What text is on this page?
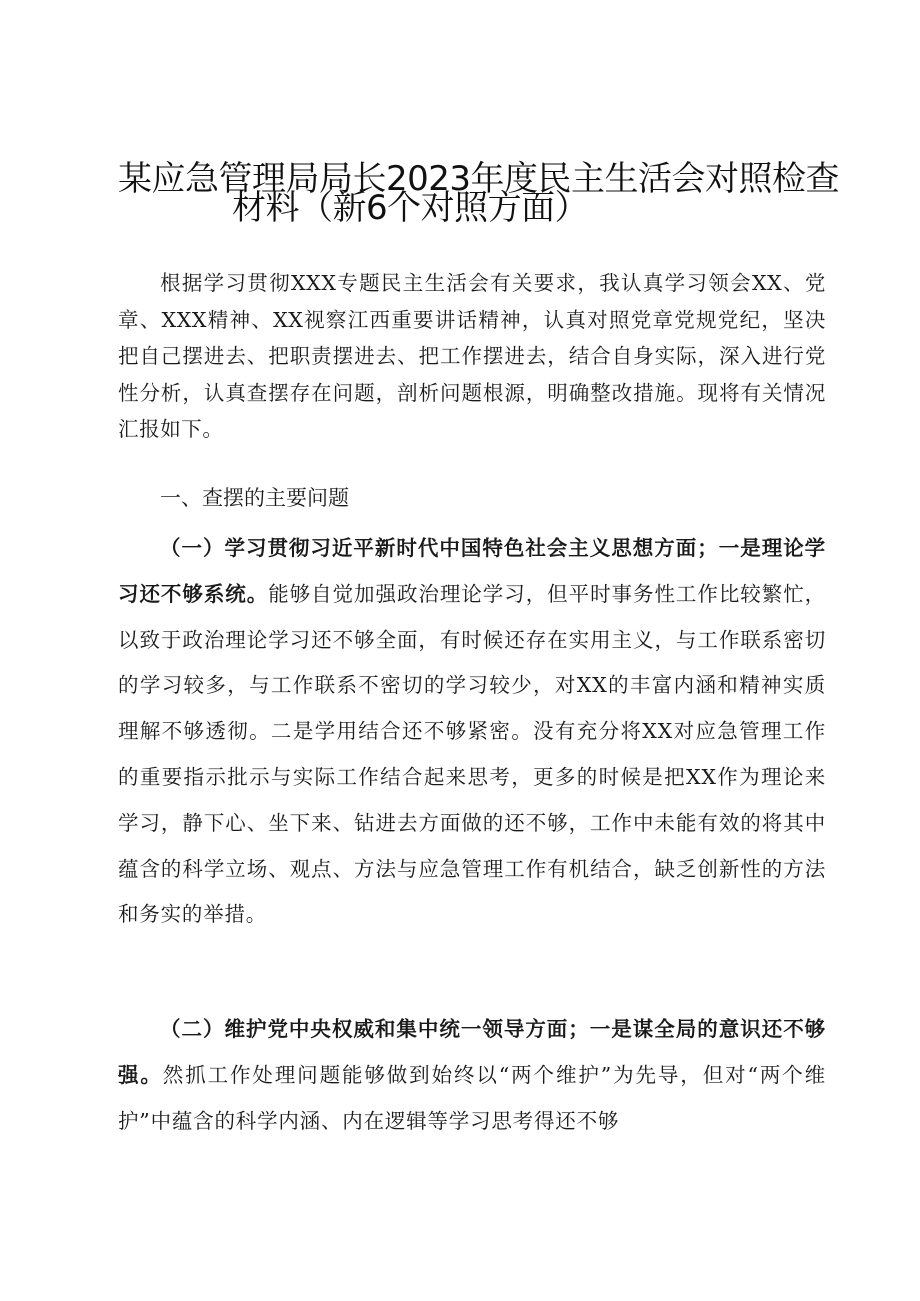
某应急管理局局长2023年度民主生活会对照检查
材料（新6个对照方面）
根据学习贯彻XXX专题民主生活会有关要求，我认真学习领会XX、党章、XXX精神、XX视察江西重要讲话精神，认真对照党章党规党纪，坚决把自己摆进去、把职责摆进去、把工作摆进去，结合自身实际，深入进行党性分析，认真查摆存在问题，剖析问题根源，明确整改措施。现将有关情况汇报如下。
一、查摆的主要问题
（一）学习贯彻习近平新时代中国特色社会主义思想方面；一是理论学习还不够系统。能够自觉加强政治理论学习，但平时事务性工作比较繁忙，以致于政治理论学习还不够全面，有时候还存在实用主义，与工作联系密切的学习较多，与工作联系不密切的学习较少，对XX的丰富内涵和精神实质理解不够透彻。二是学用结合还不够紧密。没有充分将XX对应急管理工作的重要指示批示与实际工作结合起来思考，更多的时候是把XX作为理论来学习，静下心、坐下来、钻进去方面做的还不够，工作中未能有效的将其中蕴含的科学立场、观点、方法与应急管理工作有机结合，缺乏创新性的方法和务实的举措。
（二）维护党中央权威和集中统一领导方面；一是谋全局的意识还不够强。然抓工作处理问题能够做到始终以“两个维护”为先导，但对“两个维护”中蕴含的科学内涵、内在逻辑等学习思考得还不够
